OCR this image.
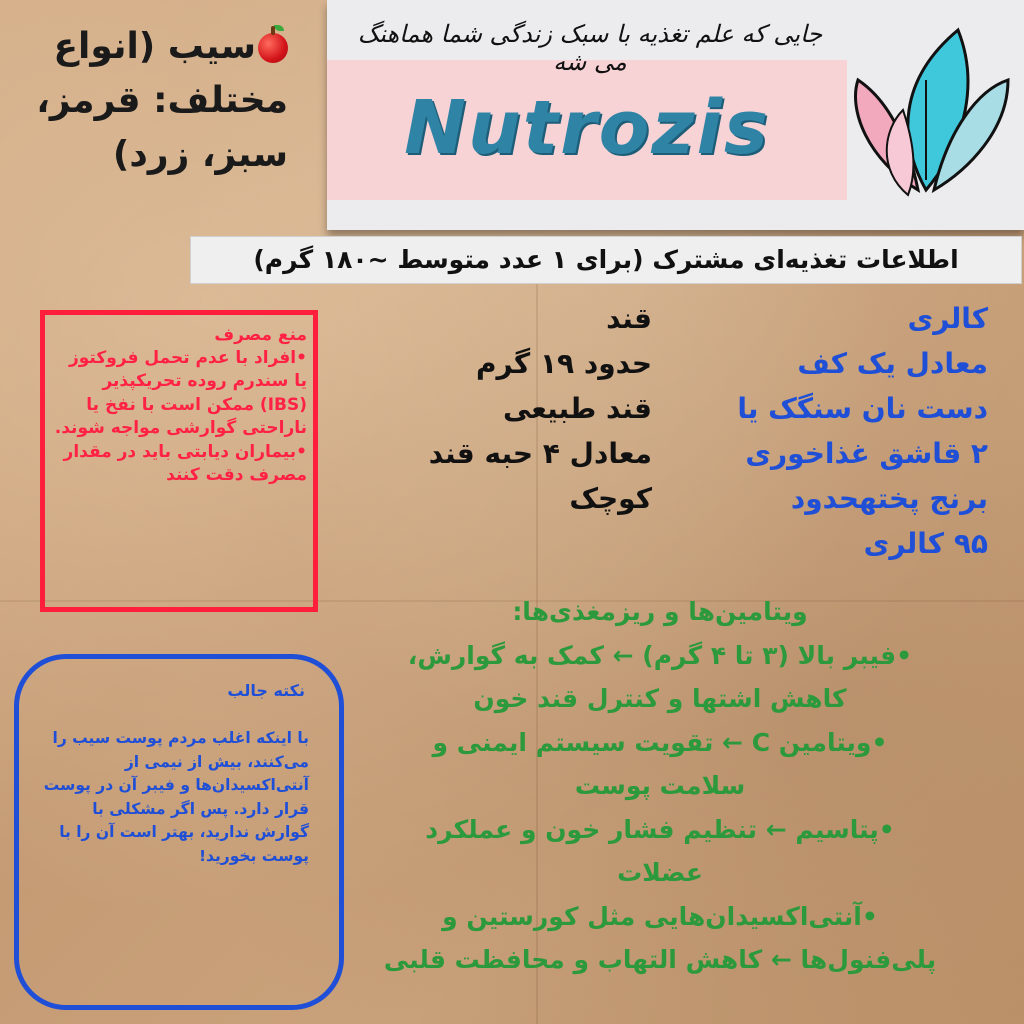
سیب (انواع
مختلف: قرمز،
سبز، زرد)
جایی که علم تغذیه با سبک زندگی شما هماهنگ می شه
Nutrozis
اطلاعات تغذیه‌ای مشترک (برای ۱ عدد متوسط ~۱۸۰ گرم)
کالری
معادل یک کف
دست نان سنگک یا
۲ قاشق غذاخوری
برنج پختهحدود
۹۵ کالری
قند
حدود ۱۹ گرم
قند طبیعی
معادل ۴ حبه قند
کوچک
منع مصرف
•افراد با عدم تحمل فروکتوز یا سندرم روده تحریکپذیر (IBS) ممکن است با نفخ یا ناراحتی گوارشی مواجه شوند. •بیماران دیابتی باید در مقدار مصرف دقت کنند
نکته جالب
با اینکه اغلب مردم پوست سیب را می‌کنند، بیش از نیمی از آنتی‌اکسیدان‌ها و فیبر آن در پوست قرار دارد. پس اگر مشکلی با گوارش ندارید، بهتر است آن را با پوست بخورید!
ویتامین‌ها و ریزمغذی‌ها:
•فیبر بالا (۳ تا ۴ گرم) ← کمک به گوارش،
کاهش اشتها و کنترل قند خون
•ویتامین C ← تقویت سیستم ایمنی و
سلامت پوست
•پتاسیم ← تنظیم فشار خون و عملکرد
عضلات
•آنتی‌اکسیدان‌هایی مثل کورستین و
پلی‌فنول‌ها ← کاهش التهاب و محافظت قلبی
